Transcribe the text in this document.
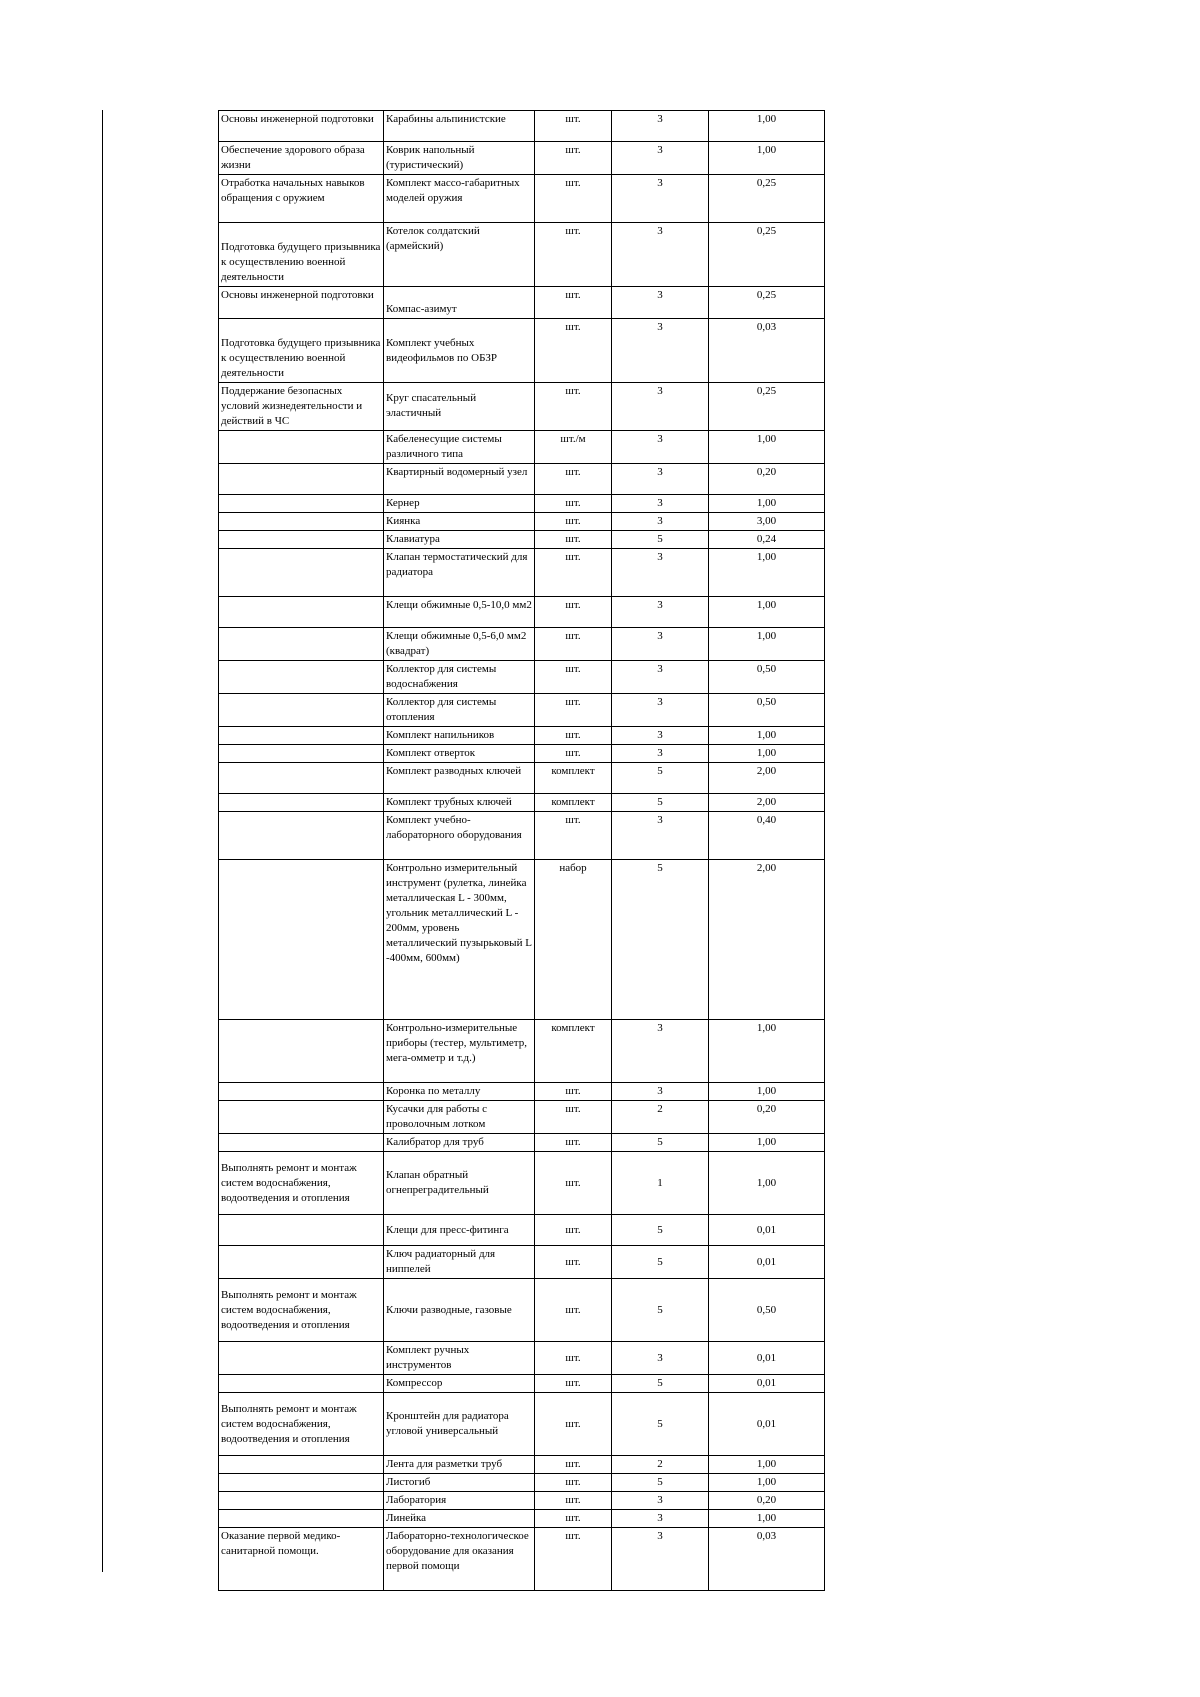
Основы инженерной подготовки	Карабины альпинистские	шт.	3	1,00
Обеспечение здорового образа жизни	Коврик напольный (туристический)	шт.	3	1,00
Отработка начальных навыков обращения с оружием	Комплект массо-габаритных моделей оружия	шт.	3	0,25
Подготовка будущего призывника к осуществлению военной деятельности	Котелок солдатский (армейский)	шт.	3	0,25
Основы инженерной подготовки	Компас-азимут	шт.	3	0,25
Подготовка будущего призывника к осуществлению военной деятельности	Комплект учебных видеофильмов по ОБЗР	шт.	3	0,03
Поддержание безопасных условий жизнедеятельности и действий в ЧС	Круг спасательный эластичный	шт.	3	0,25
	Кабеленесущие системы различного типа	шт./м	3	1,00
	Квартирный водомерный узел	шт.	3	0,20
	Кернер	шт.	3	1,00
	Киянка	шт.	3	3,00
	Клавиатура	шт.	5	0,24
	Клапан термостатический для радиатора	шт.	3	1,00
	Клещи обжимные 0,5-10,0 мм2	шт.	3	1,00
	Клещи обжимные 0,5-6,0 мм2 (квадрат)	шт.	3	1,00
	Коллектор для системы водоснабжения	шт.	3	0,50
	Коллектор для системы отопления	шт.	3	0,50
	Комплект напильников	шт.	3	1,00
	Комплект отверток	шт.	3	1,00
	Комплект разводных ключей	комплект	5	2,00
	Комплект трубных ключей	комплект	5	2,00
	Комплект учебно-лабораторного оборудования	шт.	3	0,40
	Контрольно измерительный инструмент (рулетка, линейка металлическая L - 300мм, угольник металлический L - 200мм, уровень металлический пузырьковый L -400мм, 600мм)	набор	5	2,00
	Контрольно-измерительные приборы (тестер, мультиметр, мега-омметр и т.д.)	комплект	3	1,00
	Коронка по металлу	шт.	3	1,00
	Кусачки для работы с проволочным лотком	шт.	2	0,20
	Калибратор для труб	шт.	5	1,00
Выполнять ремонт и монтаж систем водоснабжения, водоотведения и отопления	Клапан обратный огнепреградительный	шт.	1	1,00
	Клещи для пресс-фитинга	шт.	5	0,01
	Ключ радиаторный для ниппелей	шт.	5	0,01
Выполнять ремонт и монтаж систем водоснабжения, водоотведения и отопления	Ключи разводные, газовые	шт.	5	0,50
	Комплект ручных инструментов	шт.	3	0,01
	Компрессор	шт.	5	0,01
Выполнять ремонт и монтаж систем водоснабжения, водоотведения и отопления	Кронштейн для радиатора угловой универсальный	шт.	5	0,01
	Лента для разметки труб	шт.	2	1,00
	Листогиб	шт.	5	1,00
	Лаборатория	шт.	3	0,20
	Линейка	шт.	3	1,00
Оказание первой медико-санитарной помощи.	Лабораторно-технологическое оборудование для оказания первой помощи	шт.	3	0,03
